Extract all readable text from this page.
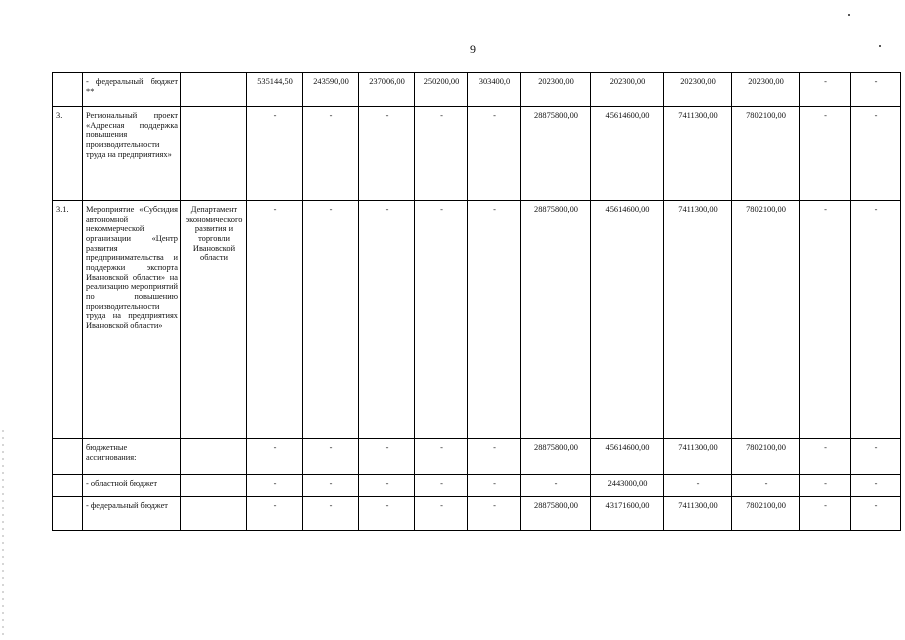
9
	- федеральный бюджет **		535144,50	243590,00	237006,00	250200,00	303400,0	202300,00	202300,00	202300,00	202300,00	-	-
3.	Региональный проект «Адресная поддержка повышения производительности труда на предприятиях»		-	-	-	-	-	28875800,00	45614600,00	7411300,00	7802100,00	-	-
3.1.	Мероприятие «Субсидия автономной некоммерческой организации «Центр развития предпринимательства и поддержки экспорта Ивановской области» на реализацию мероприятий по повышению производительности труда на предприятиях Ивановской области»	Департамент экономического развития и торговли Ивановской области	-	-	-	-	-	28875800,00	45614600,00	7411300,00	7802100,00	-	-
	бюджетные ассигнования:		-	-	-	-	-	28875800,00	45614600,00	7411300,00	7802100,00	-	-
	- областной бюджет		-	-	-	-	-	-	2443000,00	-	-	-	-
	- федеральный бюджет		-	-	-	-	-	28875800,00	43171600,00	7411300,00	7802100,00	-	-
